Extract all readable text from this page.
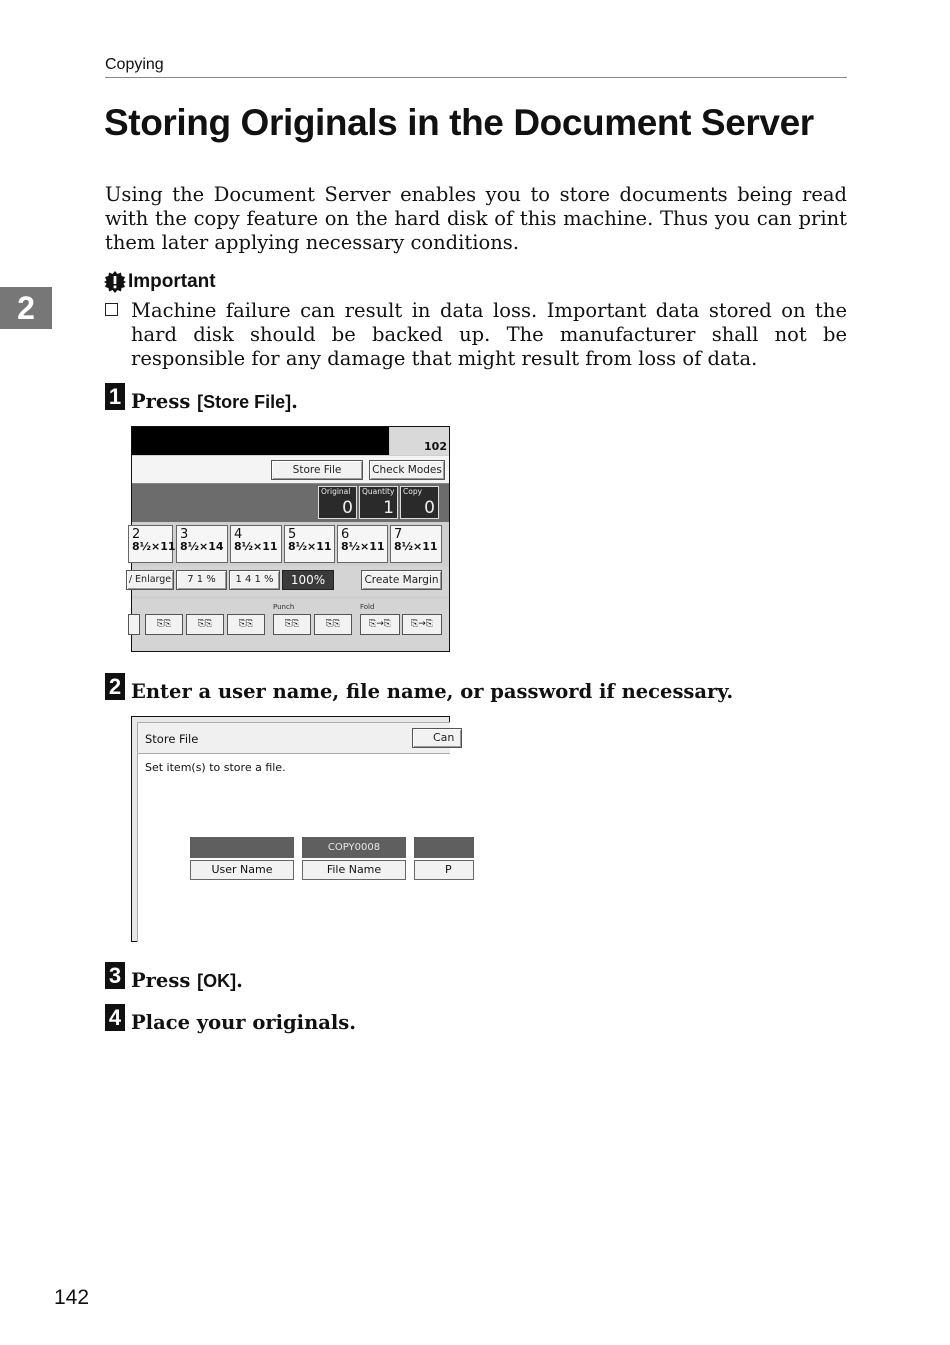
Copying
2
Storing Originals in the Document Server
Using the Document Server enables you to store documents being read with the copy feature on the hard disk of this machine. Thus you can print them later applying necessary conditions.
Important
Machine failure can result in data loss. Important data stored on the hard disk should be backed up. The manufacturer shall not be responsible for any damage that might result from loss of data.
1 Press [Store File].
102
Store File	Check Modes
Original
0
Quantity
1
Copy
0
2
8½×11
3
8½×14
4
8½×11
5
8½×11
6
8½×11
7
8½×11
/ Enlarge	7 1 %	1 4 1 %	100%	Create Margin
Punch	Fold
⎘⎘	⎘⎘	⎘⎘	⎘⎘	⎘⎘	⎘→⎘	⎘→⎘
2 Enter a user name, file name, or password if necessary.
Store File	Can
Set item(s) to store a file.
User Name
COPY0008
File Name	P
3 Press [OK].
4 Place your originals.
142
